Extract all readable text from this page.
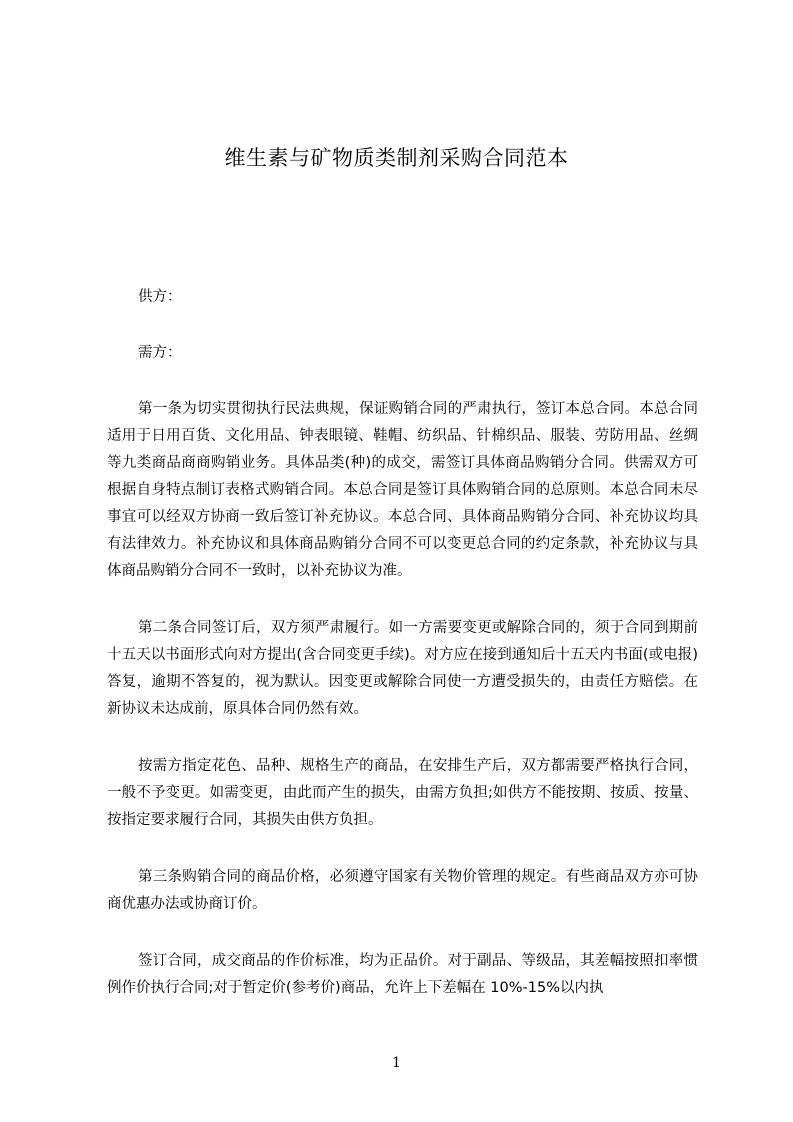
维生素与矿物质类制剂采购合同范本

供方：

需方：

第一条为切实贯彻执行民法典规，保证购销合同的严肃执行，签订本总合同。本总合同适用于日用百货、文化用品、钟表眼镜、鞋帽、纺织品、针棉织品、服装、劳防用品、丝绸等九类商品商商购销业务。具体品类(种)的成交，需签订具体商品购销分合同。供需双方可根据自身特点制订表格式购销合同。本总合同是签订具体购销合同的总原则。本总合同未尽事宜可以经双方协商一致后签订补充协议。本总合同、具体商品购销分合同、补充协议均具有法律效力。补充协议和具体商品购销分合同不可以变更总合同的约定条款，补充协议与具体商品购销分合同不一致时，以补充协议为准。

第二条合同签订后，双方须严肃履行。如一方需要变更或解除合同的，须于合同到期前十五天以书面形式向对方提出(含合同变更手续)。对方应在接到通知后十五天内书面(或电报)答复，逾期不答复的，视为默认。因变更或解除合同使一方遭受损失的，由责任方赔偿。在新协议未达成前，原具体合同仍然有效。

按需方指定花色、品种、规格生产的商品，在安排生产后，双方都需要严格执行合同，一般不予变更。如需变更，由此而产生的损失，由需方负担;如供方不能按期、按质、按量、按指定要求履行合同，其损失由供方负担。

第三条购销合同的商品价格，必须遵守国家有关物价管理的规定。有些商品双方亦可协商优惠办法或协商订价。

签订合同，成交商品的作价标准，均为正品价。对于副品、等级品，其差幅按照扣率惯例作价执行合同;对于暂定价(参考价)商品，允许上下差幅在 10%-15%以内执

1
